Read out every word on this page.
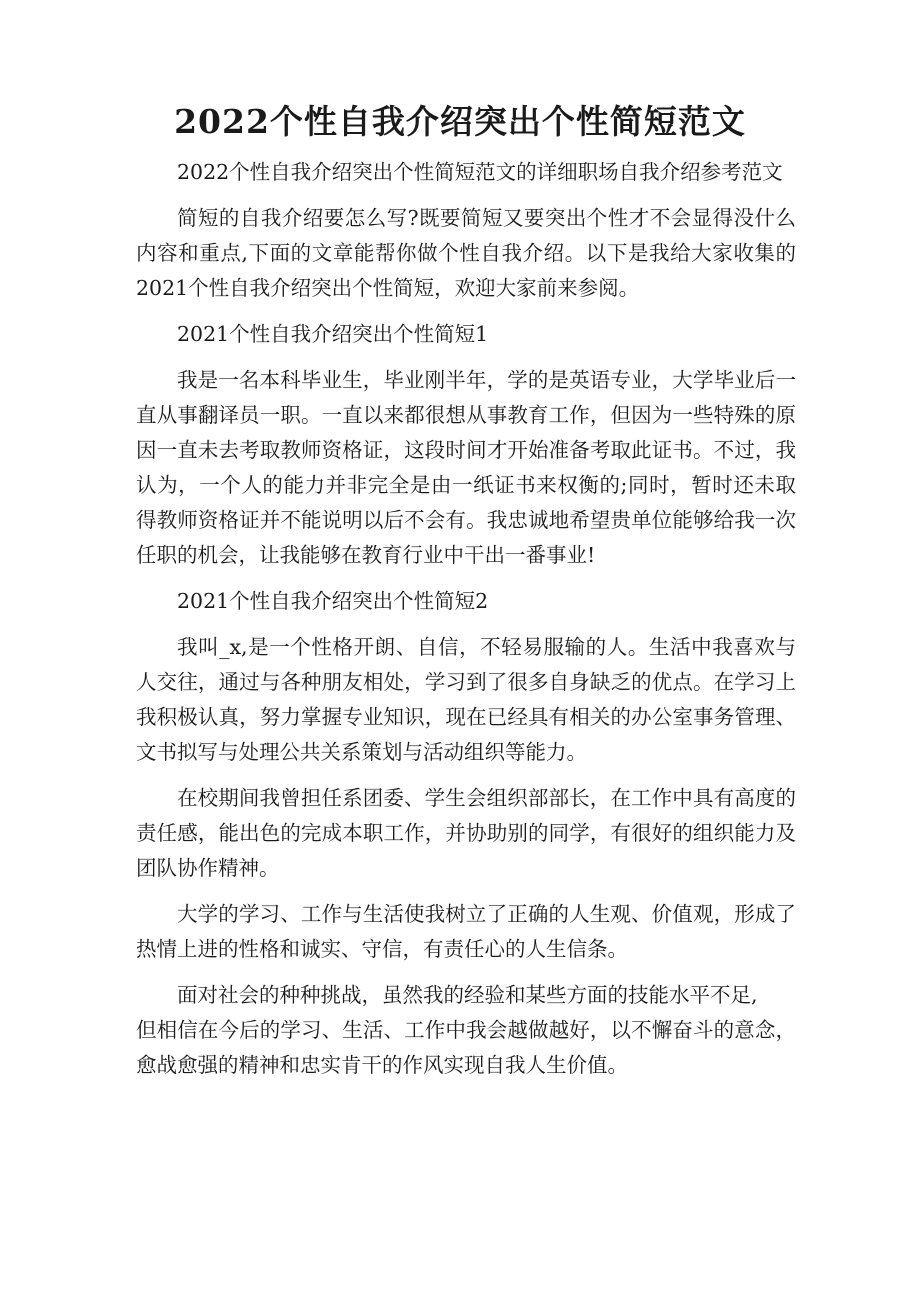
2022个性自我介绍突出个性简短范文

2022个性自我介绍突出个性简短范文的详细职场自我介绍参考范文

简短的自我介绍要怎么写?既要简短又要突出个性才不会显得没什么内容和重点,下面的文章能帮你做个性自我介绍。以下是我给大家收集的2021个性自我介绍突出个性简短，欢迎大家前来参阅。

2021个性自我介绍突出个性简短1

我是一名本科毕业生，毕业刚半年，学的是英语专业，大学毕业后一直从事翻译员一职。一直以来都很想从事教育工作，但因为一些特殊的原因一直未去考取教师资格证，这段时间才开始准备考取此证书。不过，我认为，一个人的能力并非完全是由一纸证书来权衡的;同时，暂时还未取得教师资格证并不能说明以后不会有。我忠诚地希望贵单位能够给我一次任职的机会，让我能够在教育行业中干出一番事业!

2021个性自我介绍突出个性简短2

我叫_x,是一个性格开朗、自信，不轻易服输的人。生活中我喜欢与人交往，通过与各种朋友相处，学习到了很多自身缺乏的优点。在学习上我积极认真，努力掌握专业知识，现在已经具有相关的办公室事务管理、文书拟写与处理公共关系策划与活动组织等能力。

在校期间我曾担任系团委、学生会组织部部长，在工作中具有高度的责任感，能出色的完成本职工作，并协助别的同学，有很好的组织能力及团队协作精神。

大学的学习、工作与生活使我树立了正确的人生观、价值观，形成了热情上进的性格和诚实、守信，有责任心的人生信条。

面对社会的种种挑战，虽然我的经验和某些方面的技能水平不足,

但相信在今后的学习、生活、工作中我会越做越好，以不懈奋斗的意念，愈战愈强的精神和忠实肯干的作风实现自我人生价值。
